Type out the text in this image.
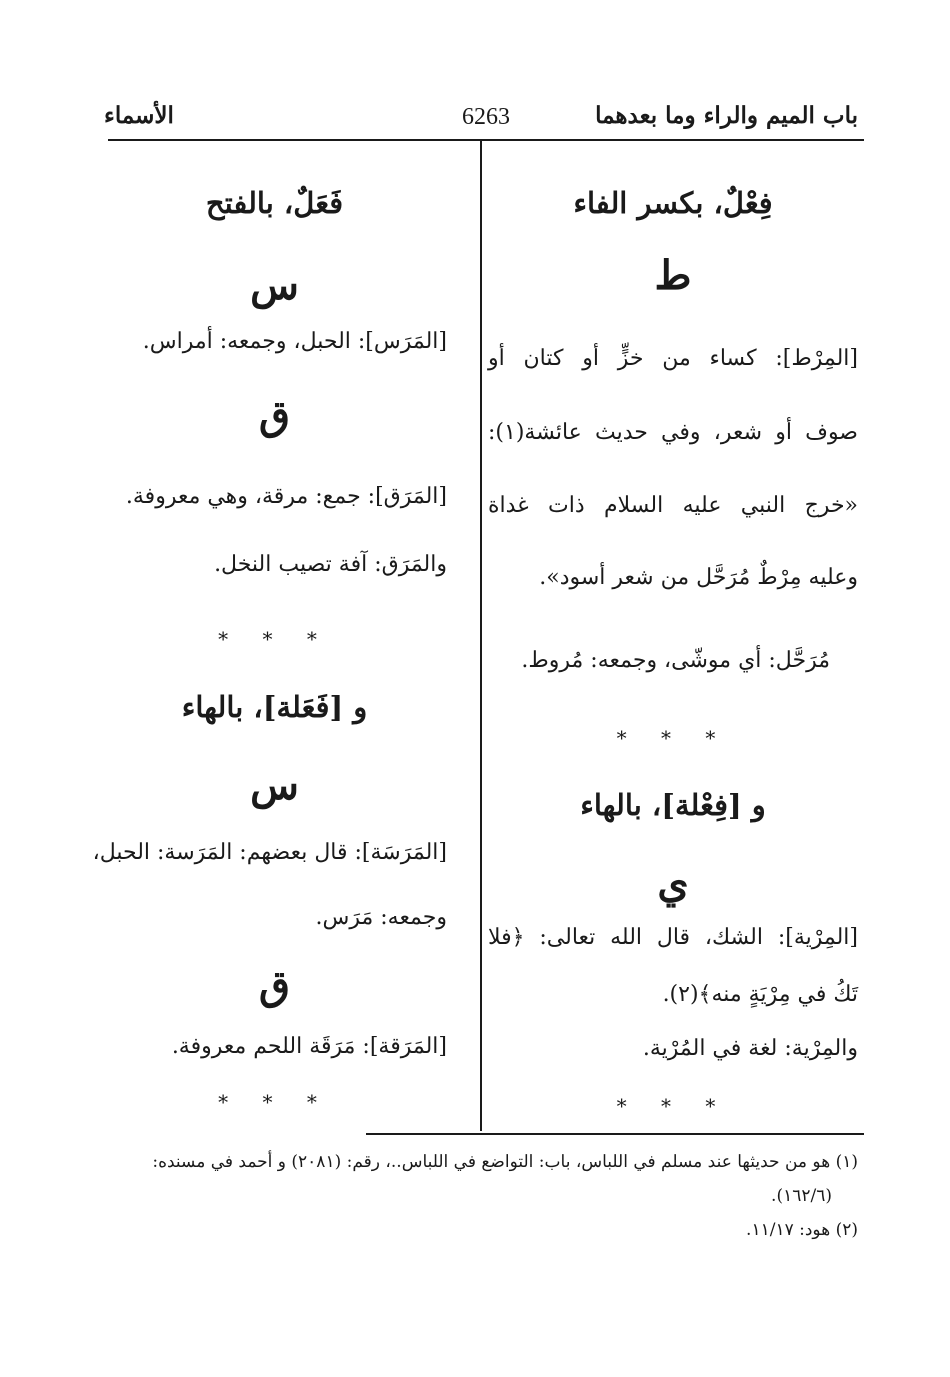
باب الميم والراء وما بعدهما
6263
الأسماء
فِعْلٌ، بكسر الفاء
ط
[المِرْط]: كساء من خزٍّ أو كتان أو
صوف أو شعر، وفي حديث عائشة(١):
«خرج النبي عليه السلام ذات غداة
وعليه مِرْطٌ مُرَحَّل من شعر أسود».
مُرَحَّل: أي موشّى، وجمعه: مُروط.
* * *
و [فِعْلة]، بالهاء
ي
[المِرْية]: الشك، قال الله تعالى: ﴿فلا
تَكُ في مِرْيَةٍ منه﴾(٢).
والمِرْية: لغة في المُرْية.
* * *
فَعَلٌ، بالفتح
س
[المَرَس]: الحبل، وجمعه: أمراس.
ق
[المَرَق]: جمع: مرقة، وهي معروفة.
والمَرَق: آفة تصيب النخل.
* * *
و [فَعَلة]، بالهاء
س
[المَرَسَة]: قال بعضهم: المَرَسة: الحبل،
وجمعه: مَرَس.
ق
[المَرَقة]: مَرَقَة اللحم معروفة.
* * *
(١) هو من حديثها عند مسلم في اللباس، باب: التواضع في اللباس..، رقم: (٢٠٨١) و أحمد في مسنده:
(١٦٢/٦).
(٢) هود: ١١/١٧.
